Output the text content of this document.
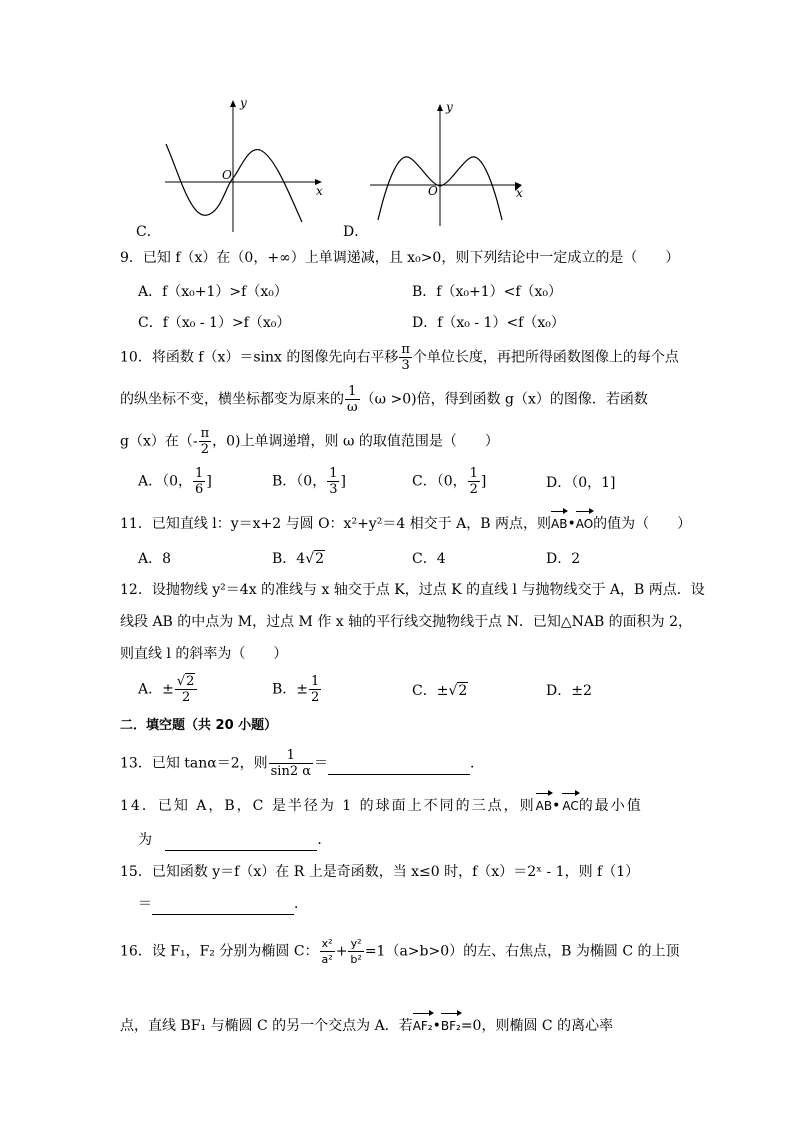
y
x
O
C．
y
x
O
D．
9．已知 f（x）在（0，+∞）上单调递减，且 x₀>0，则下列结论中一定成立的是（　　）
A．f（x₀+1）>f（x₀）	B．f（x₀+1）<f（x₀）
C．f（x₀ - 1）>f（x₀）	D．f（x₀ - 1）<f（x₀）
10．将函数 f（x）＝sinx 的图像先向右平移 $\frac{\pi}{3}$ 个单位长度，再把所得函数图像上的每个点
的纵坐标不变，横坐标都变为原来的 $\frac{1}{\omega} (\omega >0)$倍，得到函数 g（x）的图像．若函数
g（x）在（- $\frac{\pi}{2}$ ，0)上单调递增，则 ω 的取值范围是（　　）
A．（0， $\frac{1}{6}$ ]	B．（0， $\frac{1}{3}$ ]	C．（0， $\frac{1}{2}$ ]	D．（0，1]
11．已知直线 l：y＝x+2 与圆 O：x²+y²＝4 相交于 A，B 两点，则AB•AO的值为（　　）
A．8	B．4√2	C．4	D．2
12．设抛物线 y²＝4x 的准线与 x 轴交于点 K，过点 K 的直线 l 与抛物线交于 A，B 两点．设
线段 AB 的中点为 M，过点 M 作 x 轴的平行线交抛物线于点 N．已知△NAB 的面积为 2，
则直线 l 的斜率为（　　）
A．± $\frac{√2}{2}$	B．± $\frac{1}{2}$	C．±√2	D．±2
二．填空题（共 20 小题）
13．已知 tanα＝2，则 $\frac{1}{\sin 2 \alpha}$ ＝	．
14．已知 A，B，C 是半径为 1 的球面上不同的三点，则AB•AC的最小值
为	．
15．已知函数 y＝f（x）在 R 上是奇函数，当 x≤0 时，f（x）＝2ˣ - 1，则 f（1）
＝	．
16．设 F₁，F₂ 分别为椭圆 C： $\frac{\text{x²}}{\text{a²}} + \frac{\text{y²}}{\text{b²}} =1(a>b>0)$的左、右焦点，B 为椭圆 C 的上顶
点，直线 BF₁ 与椭圆 C 的另一个交点为 A．若AF₂•BF₂=0，则椭圆 C 的离心率
